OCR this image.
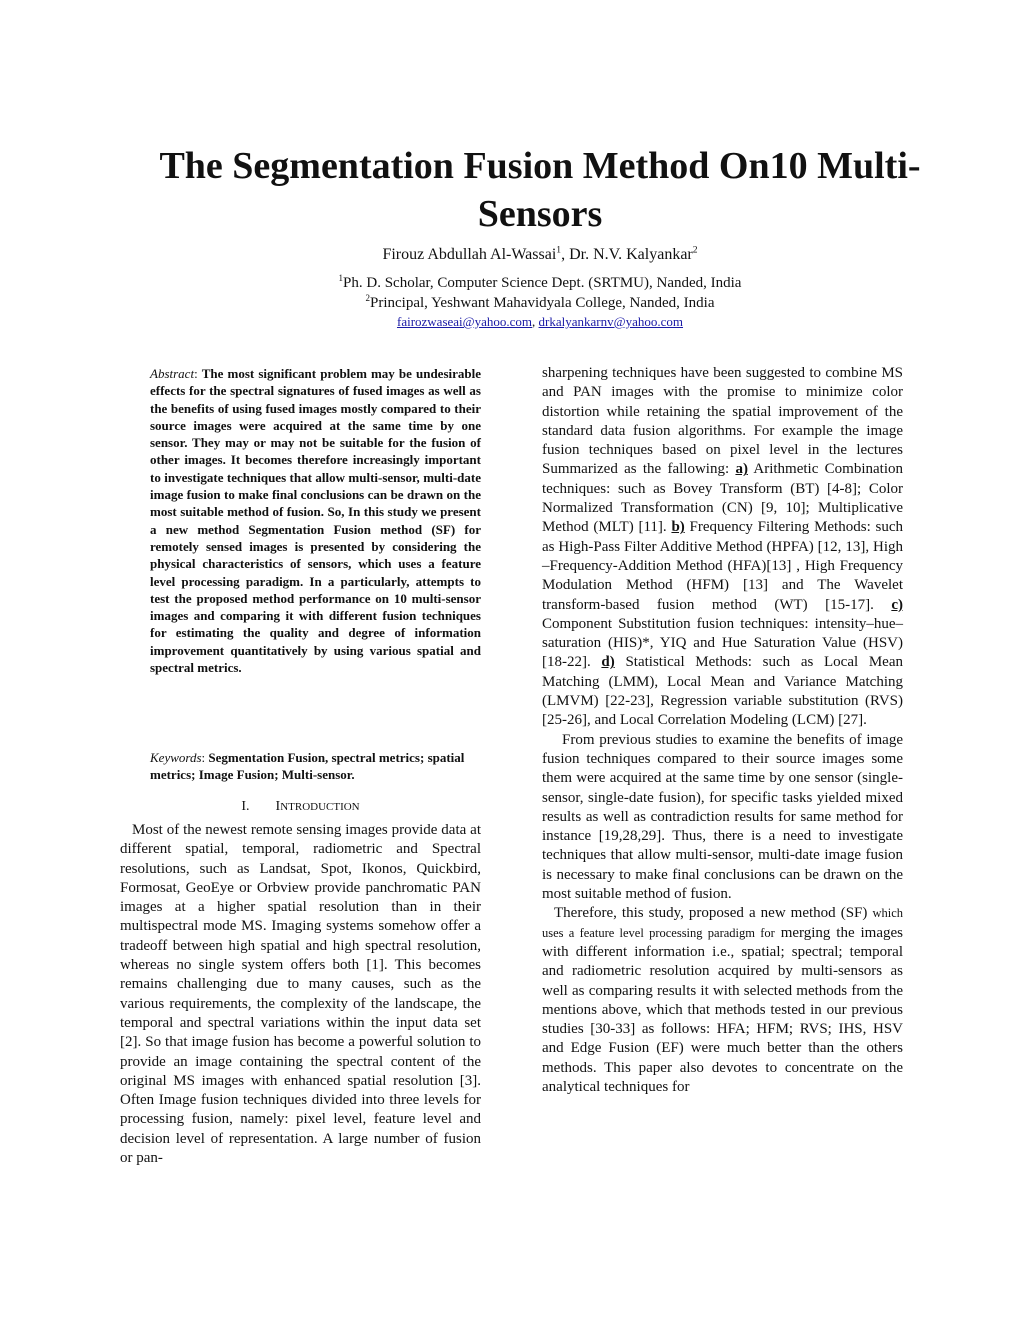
The Segmentation Fusion Method On10 Multi-Sensors
Firouz Abdullah Al-Wassai$^1$, Dr. N.V. Kalyankar$^2$
$^1$Ph. D. Scholar, Computer Science Dept. (SRTMU), Nanded, India
$^2$Principal, Yeshwant Mahavidyala College, Nanded, India
fairozwaseai@yahoo.com, drkalyankarnv@yahoo.com
Abstract: The most significant problem may be undesirable effects for the spectral signatures of fused images as well as the benefits of using fused images mostly compared to their source images were acquired at the same time by one sensor. They may or may not be suitable for the fusion of other images. It becomes therefore increasingly important to investigate techniques that allow multi-sensor, multi-date image fusion to make final conclusions can be drawn on the most suitable method of fusion. So, In this study we present a new method Segmentation Fusion method (SF) for remotely sensed images is presented by considering the physical characteristics of sensors, which uses a feature level processing paradigm. In a particularly, attempts to test the proposed method performance on 10 multi-sensor images and comparing it with different fusion techniques for estimating the quality and degree of information improvement quantitatively by using various spatial and spectral metrics.
Keywords: Segmentation Fusion, spectral metrics; spatial metrics; Image Fusion; Multi-sensor.
I. INTRODUCTION

Most of the newest remote sensing images provide data at different spatial, temporal, radiometric and Spectral resolutions, such as Landsat, Spot, Ikonos, Quickbird, Formosat, GeoEye or Orbview provide panchromatic PAN images at a higher spatial resolution than in their multispectral mode MS. Imaging systems somehow offer a tradeoff between high spatial and high spectral resolution, whereas no single system offers both [1]. This becomes remains challenging due to many causes, such as the various requirements, the complexity of the landscape, the temporal and spectral variations within the input data set [2]. So that image fusion has become a powerful solution to provide an image containing the spectral content of the original MS images with enhanced spatial resolution [3]. Often Image fusion techniques divided into three levels for processing fusion, namely: pixel level, feature level and decision level of representation. A large number of fusion or pan-

sharpening techniques have been suggested to combine MS and PAN images with the promise to minimize color distortion while retaining the spatial improvement of the standard data fusion algorithms. For example the image fusion techniques based on pixel level in the lectures Summarized as the fallowing: a) Arithmetic Combination techniques: such as Bovey Transform (BT) [4-8]; Color Normalized Transformation (CN) [9, 10]; Multiplicative Method (MLT) [11]. b) Frequency Filtering Methods: such as High-Pass Filter Additive Method (HPFA) [12, 13], High –Frequency-Addition Method (HFA)[13] , High Frequency Modulation Method (HFM) [13] and The Wavelet transform-based fusion method (WT) [15-17]. c) Component Substitution fusion techniques: intensity–hue–saturation (HIS)*, YIQ and Hue Saturation Value (HSV) [18-22]. d) Statistical Methods: such as Local Mean Matching (LMM), Local Mean and Variance Matching (LMVM) [22-23], Regression variable substitution (RVS) [25-26], and Local Correlation Modeling (LCM) [27].

From previous studies to examine the benefits of image fusion techniques compared to their source images some them were acquired at the same time by one sensor (single-sensor, single-date fusion), for specific tasks yielded mixed results as well as contradiction results for same method for instance [19,28,29]. Thus, there is a need to investigate techniques that allow multi-sensor, multi-date image fusion is necessary to make final conclusions can be drawn on the most suitable method of fusion.

Therefore, this study, proposed a new method (SF) which uses a feature level processing paradigm for merging the images with different information i.e., spatial; spectral; temporal and radiometric resolution acquired by multi-sensors as well as comparing results it with selected methods from the mentions above, which that methods tested in our previous studies [30-33] as follows: HFA; HFM; RVS; IHS, HSV and Edge Fusion (EF) were much better than the others methods. This paper also devotes to concentrate on the analytical techniques for
